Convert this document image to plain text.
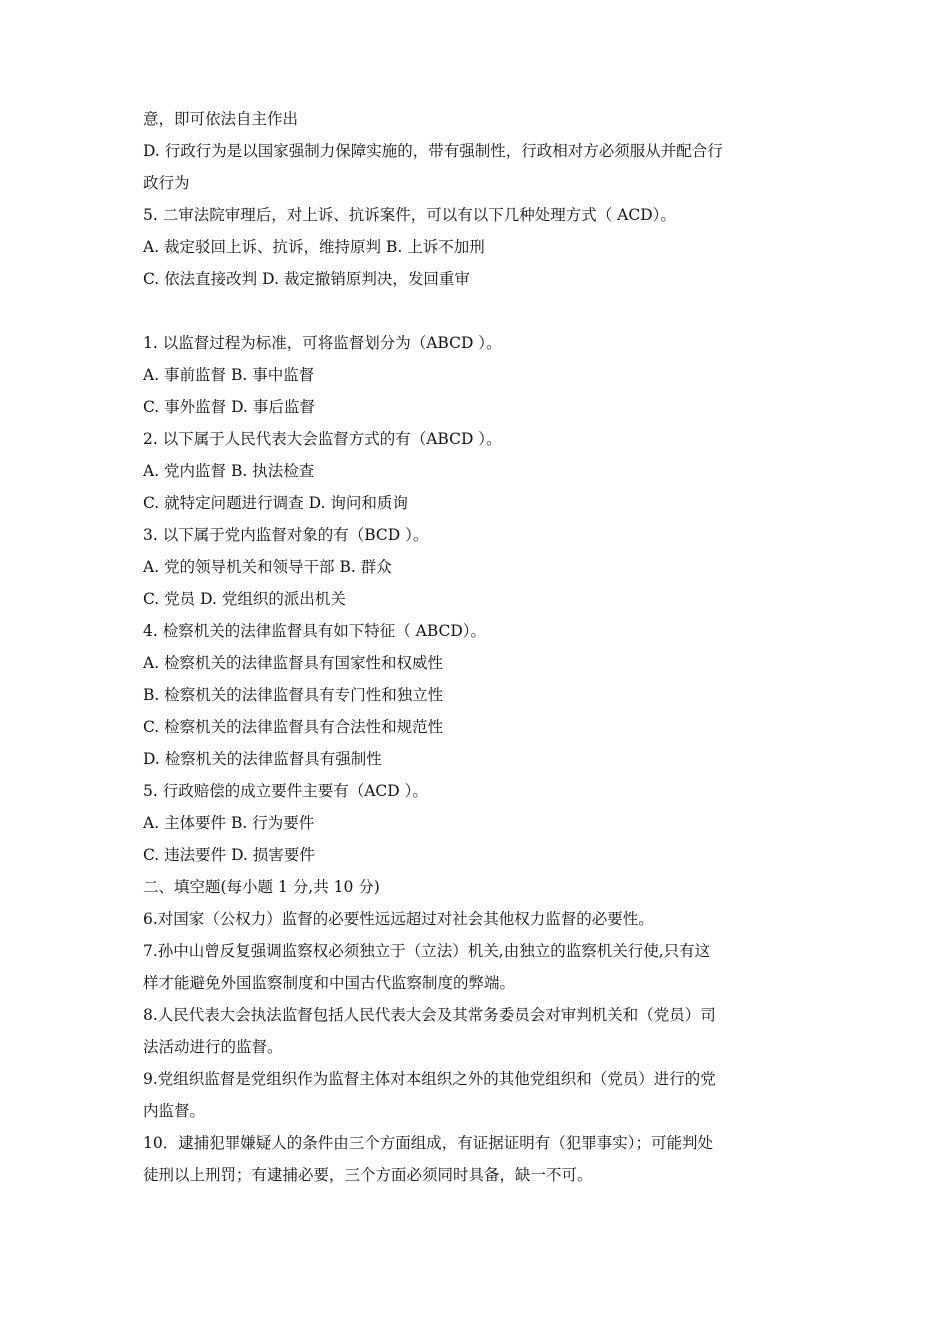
意，即可依法自主作出
D. 行政行为是以国家强制力保障实施的，带有强制性，行政相对方必须服从并配合行
政行为
5. 二审法院审理后，对上诉、抗诉案件，可以有以下几种处理方式（ ACD）。
A. 裁定驳回上诉、抗诉，维持原判 B. 上诉不加刑
C. 依法直接改判 D. 裁定撤销原判决，发回重审
1. 以监督过程为标准，可将监督划分为（ABCD ）。
A. 事前监督 B. 事中监督
C. 事外监督 D. 事后监督
2. 以下属于人民代表大会监督方式的有（ABCD ）。
A. 党内监督 B. 执法检查
C. 就特定问题进行调查 D. 询问和质询
3. 以下属于党内监督对象的有（BCD ）。
A. 党的领导机关和领导干部 B. 群众
C. 党员 D. 党组织的派出机关
4. 检察机关的法律监督具有如下特征（ ABCD）。
A. 检察机关的法律监督具有国家性和权威性
B. 检察机关的法律监督具有专门性和独立性
C. 检察机关的法律监督具有合法性和规范性
D. 检察机关的法律监督具有强制性
5. 行政赔偿的成立要件主要有（ACD ）。
A. 主体要件 B. 行为要件
C. 违法要件 D. 损害要件
二、填空题(每小题 1 分,共 10 分)
6.对国家（公权力）监督的必要性远远超过对社会其他权力监督的必要性。
7.孙中山曾反复强调监察权必须独立于（立法）机关,由独立的监察机关行使,只有这
样才能避免外国监察制度和中国古代监察制度的弊端。
8.人民代表大会执法监督包括人民代表大会及其常务委员会对审判机关和（党员）司
法活动进行的监督。
9.党组织监督是党组织作为监督主体对本组织之外的其他党组织和（党员）进行的党
内监督。
10．逮捕犯罪嫌疑人的条件由三个方面组成，有证据证明有（犯罪事实）；可能判处
徒刑以上刑罚；有逮捕必要，三个方面必须同时具备，缺一不可。
